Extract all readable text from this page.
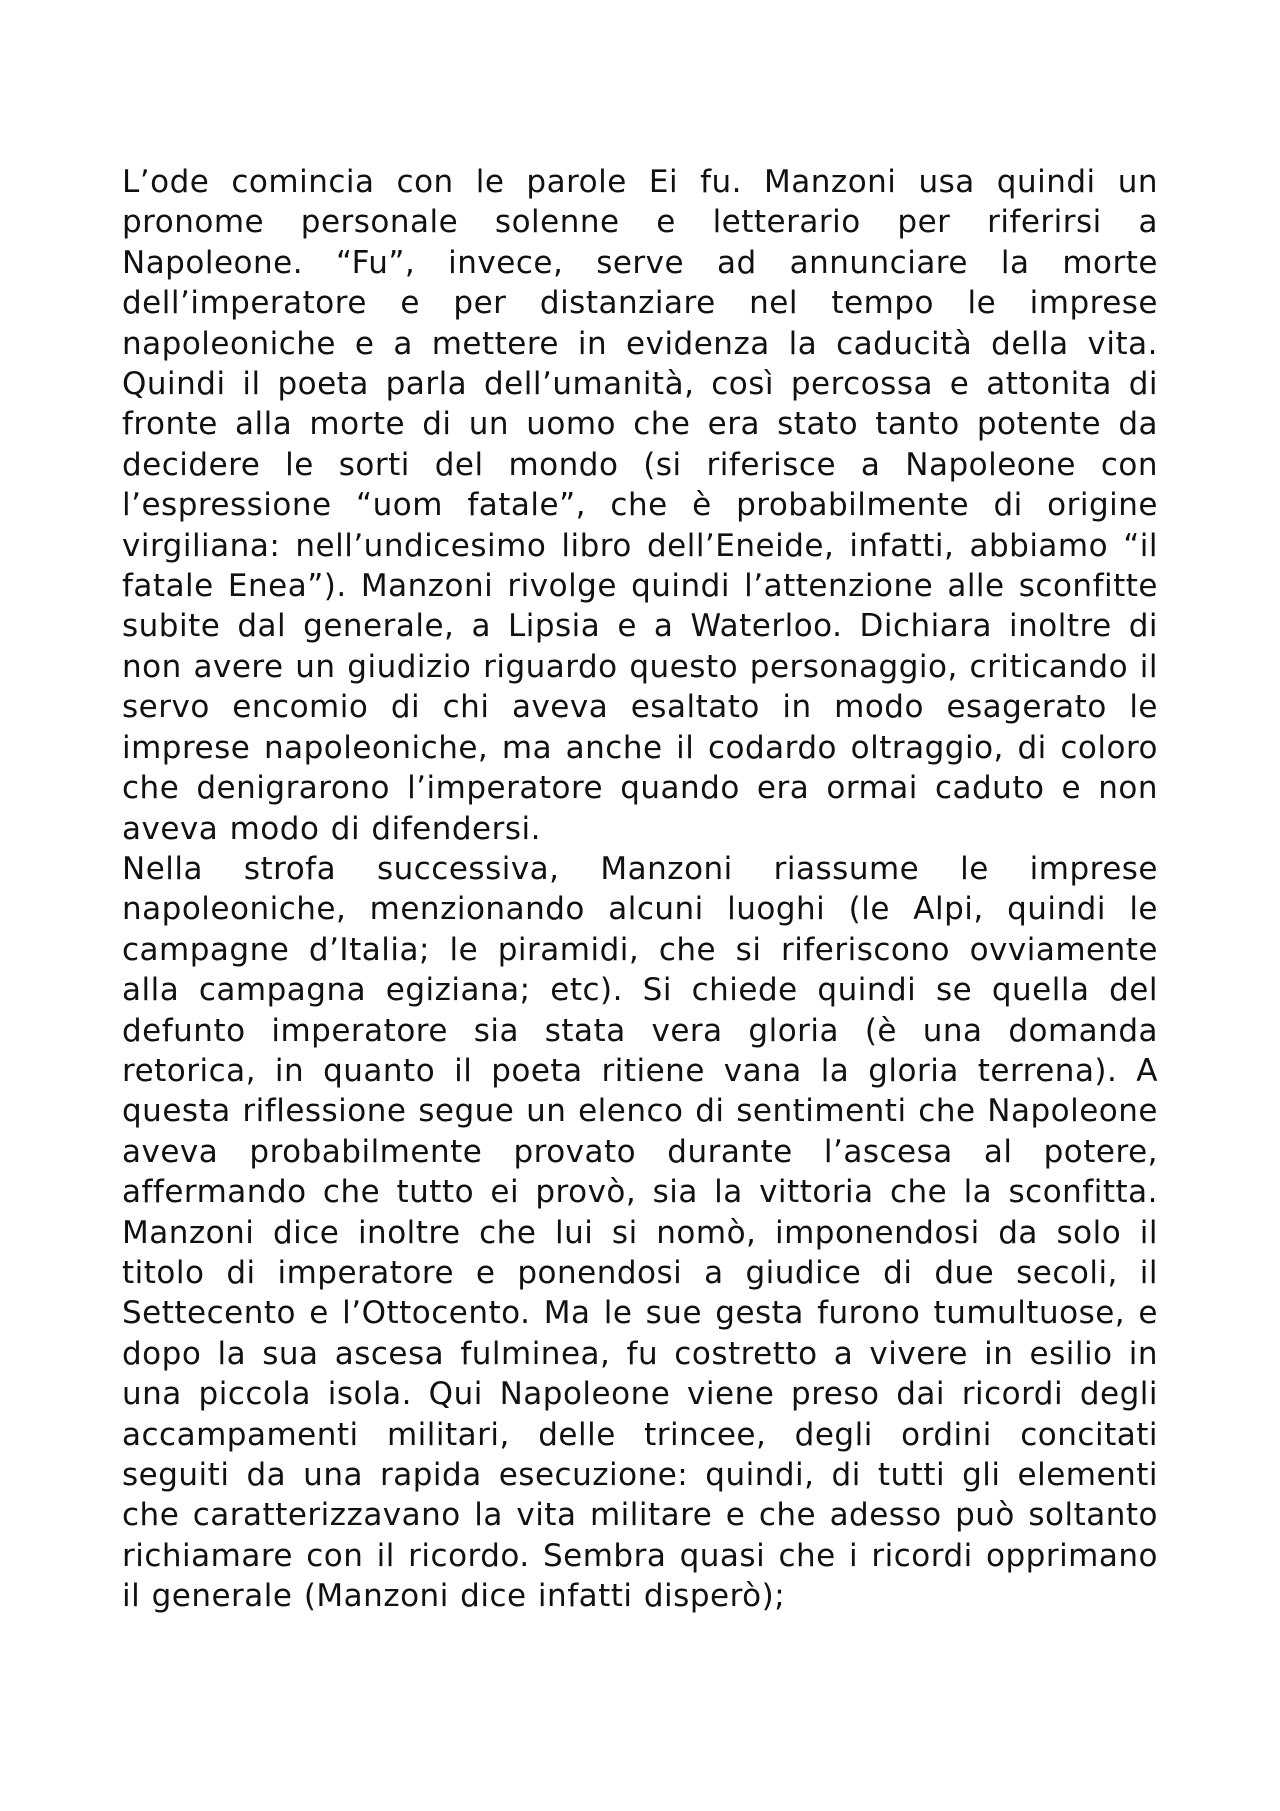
L’ode comincia con le parole Ei fu. Manzoni usa quindi un pronome personale solenne e letterario per riferirsi a Napoleone. “Fu”, invece, serve ad annunciare la morte dell’imperatore e per distanziare nel tempo le imprese napoleoniche e a mettere in evidenza la caducità della vita. Quindi il poeta parla dell’umanità, così percossa e attonita di fronte alla morte di un uomo che era stato tanto potente da decidere le sorti del mondo (si riferisce a Napoleone con l’espressione “uom fatale”, che è probabilmente di origine virgiliana: nell’undicesimo libro dell’Eneide, infatti, abbiamo “il fatale Enea”). Manzoni rivolge quindi l’attenzione alle sconfitte subite dal generale, a Lipsia e a Waterloo. Dichiara inoltre di non avere un giudizio riguardo questo personaggio, criticando il servo encomio di chi aveva esaltato in modo esagerato le imprese napoleoniche, ma anche il codardo oltraggio, di coloro che denigrarono l’imperatore quando era ormai caduto e non aveva modo di difendersi.

Nella strofa successiva, Manzoni riassume le imprese napoleoniche, menzionando alcuni luoghi (le Alpi, quindi le campagne d’Italia; le piramidi, che si riferiscono ovviamente alla campagna egiziana; etc). Si chiede quindi se quella del defunto imperatore sia stata vera gloria (è una domanda retorica, in quanto il poeta ritiene vana la gloria terrena). A questa riflessione segue un elenco di sentimenti che Napoleone aveva probabilmente provato durante l’ascesa al potere, affermando che tutto ei provò, sia la vittoria che la sconfitta. Manzoni dice inoltre che lui si nomò, imponendosi da solo il titolo di imperatore e ponendosi a giudice di due secoli, il Settecento e l’Ottocento. Ma le sue gesta furono tumultuose, e dopo la sua ascesa fulminea, fu costretto a vivere in esilio in una piccola isola. Qui Napoleone viene preso dai ricordi degli accampamenti militari, delle trincee, degli ordini concitati seguiti da una rapida esecuzione: quindi, di tutti gli elementi che caratterizzavano la vita militare e che adesso può soltanto richiamare con il ricordo. Sembra quasi che i ricordi opprimano il generale (Manzoni dice infatti disperò);
